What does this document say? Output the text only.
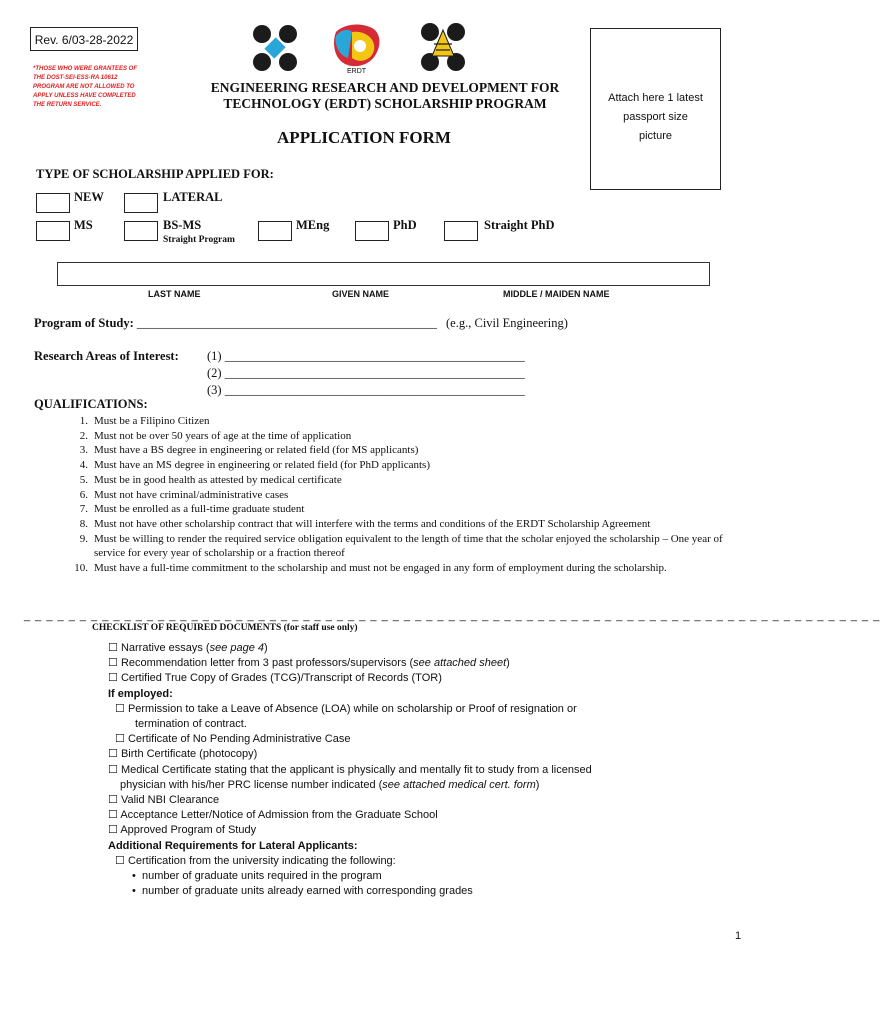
Rev. 6/03-28-2022
*THOSE WHO WERE GRANTEES OF THE DOST-SEI-ESS-RA 10612 PROGRAM ARE NOT ALLOWED TO APPLY UNLESS HAVE COMPLETED THE RETURN SERVICE.
ERDT
ENGINEERING RESEARCH AND DEVELOPMENT FOR
TECHNOLOGY (ERDT) SCHOLARSHIP PROGRAM
APPLICATION FORM
Attach here 1 latest
passport size
picture
TYPE OF SCHOLARSHIP APPLIED FOR:
NEW	LATERAL
MS	BS-MS
Straight Program
MEng	PhD	Straight PhD
LAST NAME	GIVEN NAME	MIDDLE / MAIDEN NAME
Program of Study: ________________________________________________ (e.g., Civil Engineering)
Research Areas of Interest: (1) ________________________________________________
(2) ________________________________________________
(3) ________________________________________________
QUALIFICATIONS:
1. Must be a Filipino Citizen
2. Must not be over 50 years of age at the time of application
3. Must have a BS degree in engineering or related field (for MS applicants)
4. Must have an MS degree in engineering or related field (for PhD applicants)
5. Must be in good health as attested by medical certificate
6. Must not have criminal/administrative cases
7. Must be enrolled as a full-time graduate student
8. Must not have other scholarship contract that will interfere with the terms and conditions of the ERDT Scholarship Agreement
9. Must be willing to render the required service obligation equivalent to the length of time that the scholar enjoyed the scholarship – One year of service for every year of scholarship or a fraction thereof
10. Must have a full-time commitment to the scholarship and must not be engaged in any form of employment during the scholarship.
_ _ _ _ _ _ _ _ _ _ _ _ _ _ _ _ _ _ _ _ _ _ _ _ _ _ _ _ _ _ _ _ _ _ _ _ _ _ _ _ _ _ _ _ _ _ _ _ _ _ _ _ _ _ _ _ _ _ _ _ _ _ _ _ _ _ _ _ _ _ _ _ _ _ _ _ _
CHECKLIST OF REQUIRED DOCUMENTS (for staff use only)
☐ Narrative essays (see page 4)
☐ Recommendation letter from 3 past professors/supervisors (see attached sheet)
☐ Certified True Copy of Grades (TCG)/Transcript of Records (TOR)
If employed:
☐ Permission to take a Leave of Absence (LOA) while on scholarship or Proof of resignation or
termination of contract.
☐ Certificate of No Pending Administrative Case
☐ Birth Certificate (photocopy)
☐ Medical Certificate stating that the applicant is physically and mentally fit to study from a licensed
physician with his/her PRC license number indicated (see attached medical cert. form)
☐ Valid NBI Clearance
☐ Acceptance Letter/Notice of Admission from the Graduate School
☐ Approved Program of Study
Additional Requirements for Lateral Applicants:
☐ Certification from the university indicating the following:
• number of graduate units required in the program
• number of graduate units already earned with corresponding grades
1
